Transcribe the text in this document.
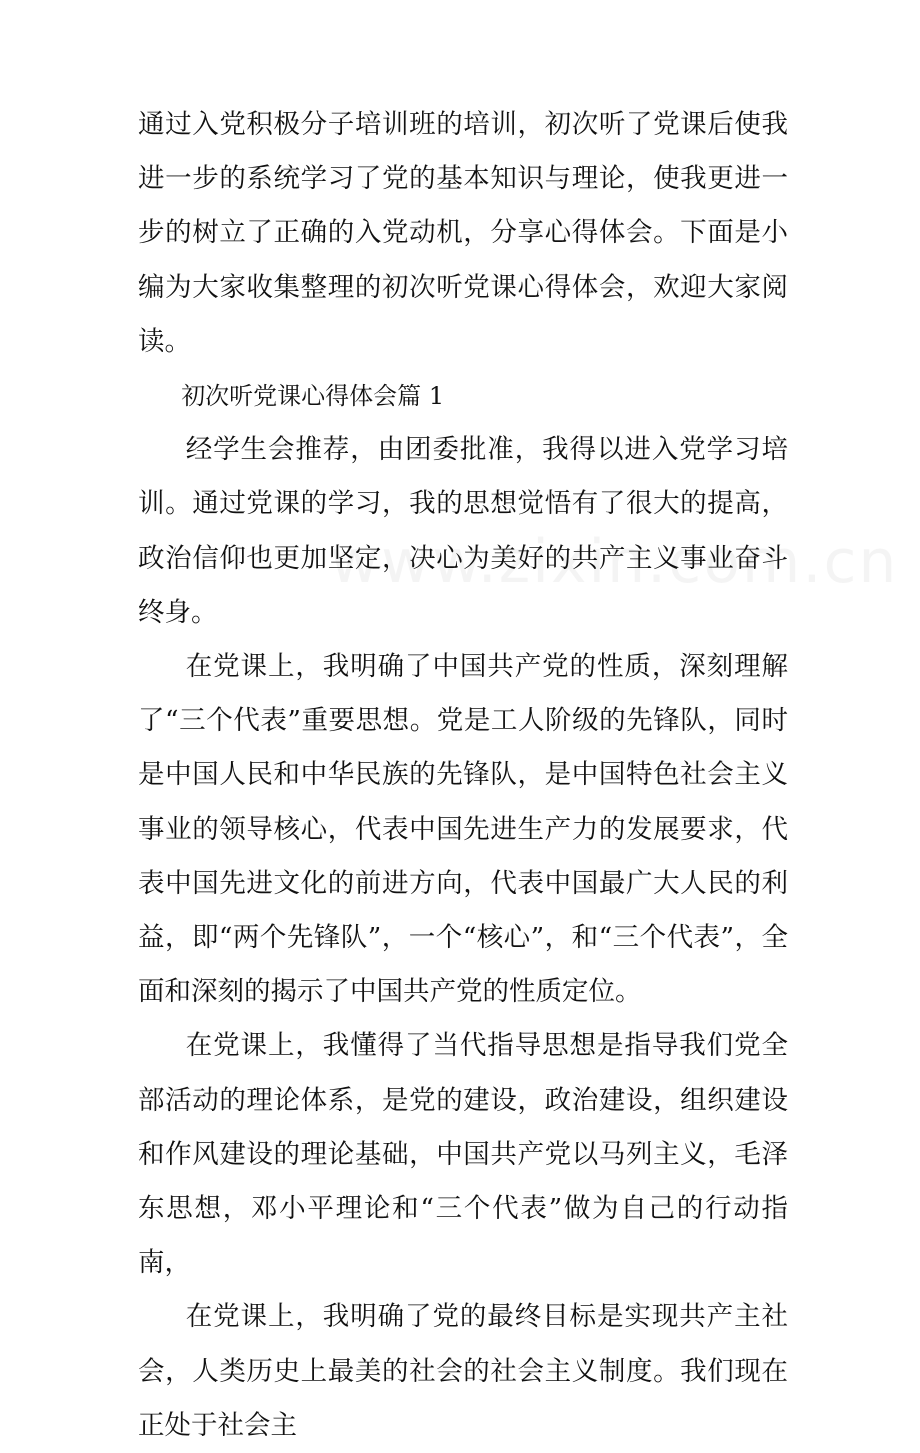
通过入党积极分子培训班的培训，初次听了党课后使我进一步的系统学习了党的基本知识与理论，使我更进一步的树立了正确的入党动机，分享心得体会。下面是小编为大家收集整理的初次听党课心得体会，欢迎大家阅读。

初次听党课心得体会篇 1

经学生会推荐，由团委批准，我得以进入党学习培训。通过党课的学习，我的思想觉悟有了很大的提高，政治信仰也更加坚定，决心为美好的共产主义事业奋斗终身。

在党课上，我明确了中国共产党的性质，深刻理解了“三个代表”重要思想。党是工人阶级的先锋队，同时是中国人民和中华民族的先锋队，是中国特色社会主义事业的领导核心，代表中国先进生产力的发展要求，代表中国先进文化的前进方向，代表中国最广大人民的利益，即“两个先锋队”，一个“核心”，和“三个代表”，全面和深刻的揭示了中国共产党的性质定位。

在党课上，我懂得了当代指导思想是指导我们党全部活动的理论体系，是党的建设，政治建设，组织建设和作风建设的理论基础，中国共产党以马列主义，毛泽东思想，邓小平理论和“三个代表”做为自己的行动指南，

在党课上，我明确了党的最终目标是实现共产主社会，人类历史上最美的社会的社会主义制度。我们现在正处于社会主
